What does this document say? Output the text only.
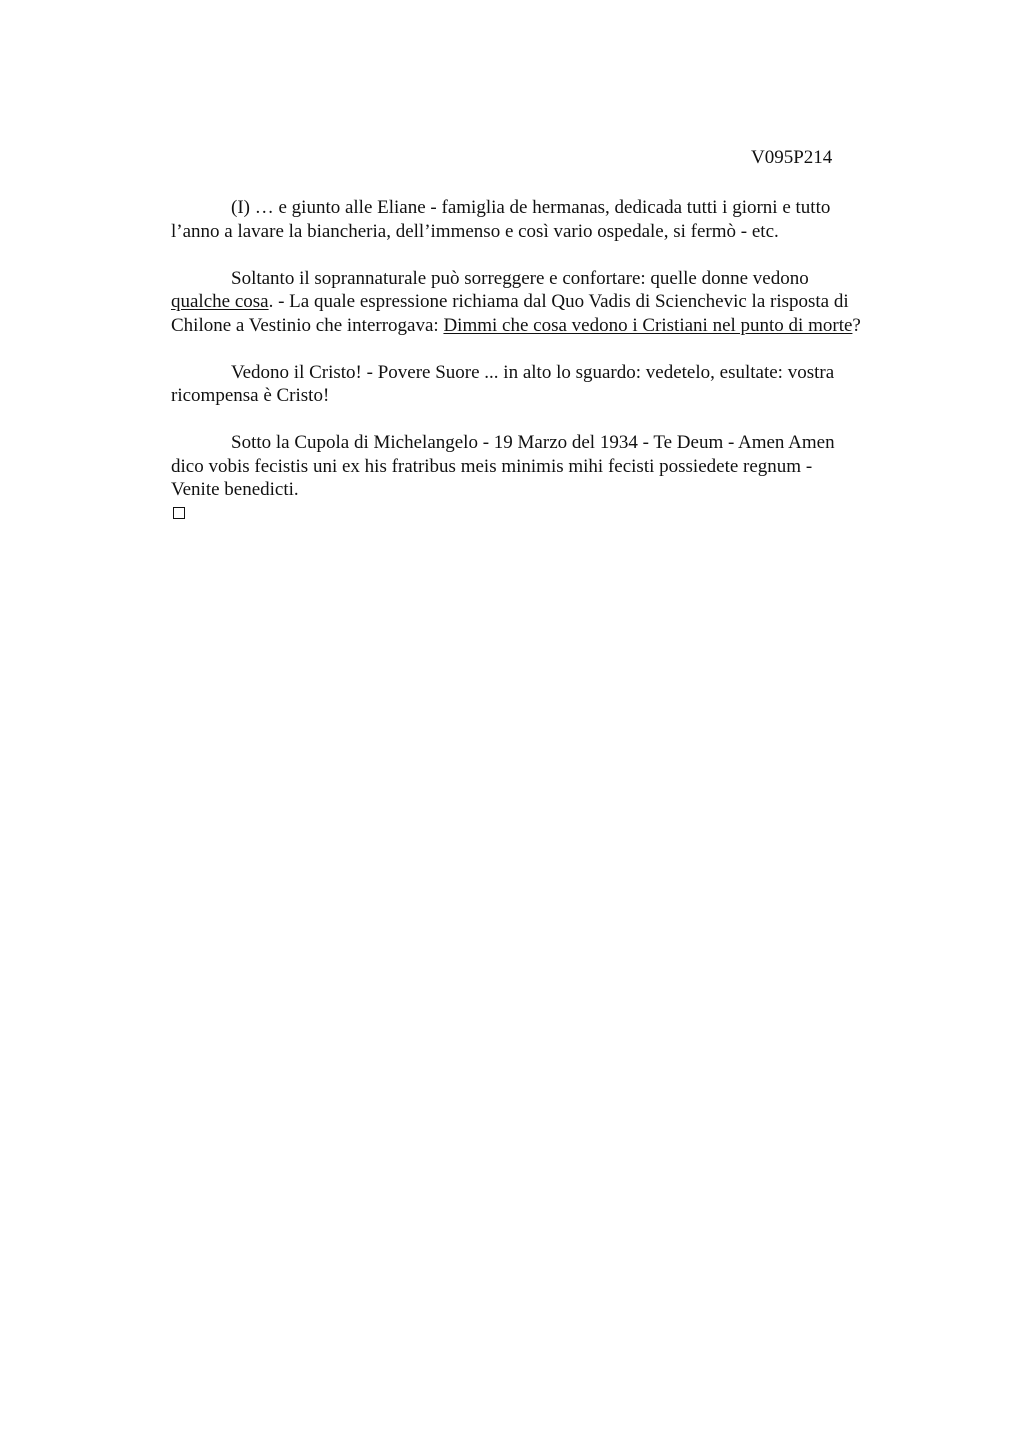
V095P214

(I) … e giunto alle Eliane - famiglia de hermanas, dedicada tutti i giorni e tutto
l’anno a lavare la biancheria, dell’immenso e così vario ospedale, si fermò - etc.

Soltanto il soprannaturale può sorreggere e confortare: quelle donne vedono
qualche cosa. - La quale espressione richiama dal Quo Vadis di Scienchevic la risposta di
Chilone a Vestinio che interrogava: Dimmi che cosa vedono i Cristiani nel punto di morte?

Vedono il Cristo! - Povere Suore ... in alto lo sguardo: vedetelo, esultate: vostra
ricompensa è Cristo!

Sotto la Cupola di Michelangelo - 19 Marzo del 1934 - Te Deum - Amen Amen
dico vobis fecistis uni ex his fratribus meis minimis mihi fecisti possiedete regnum -
Venite benedicti.
